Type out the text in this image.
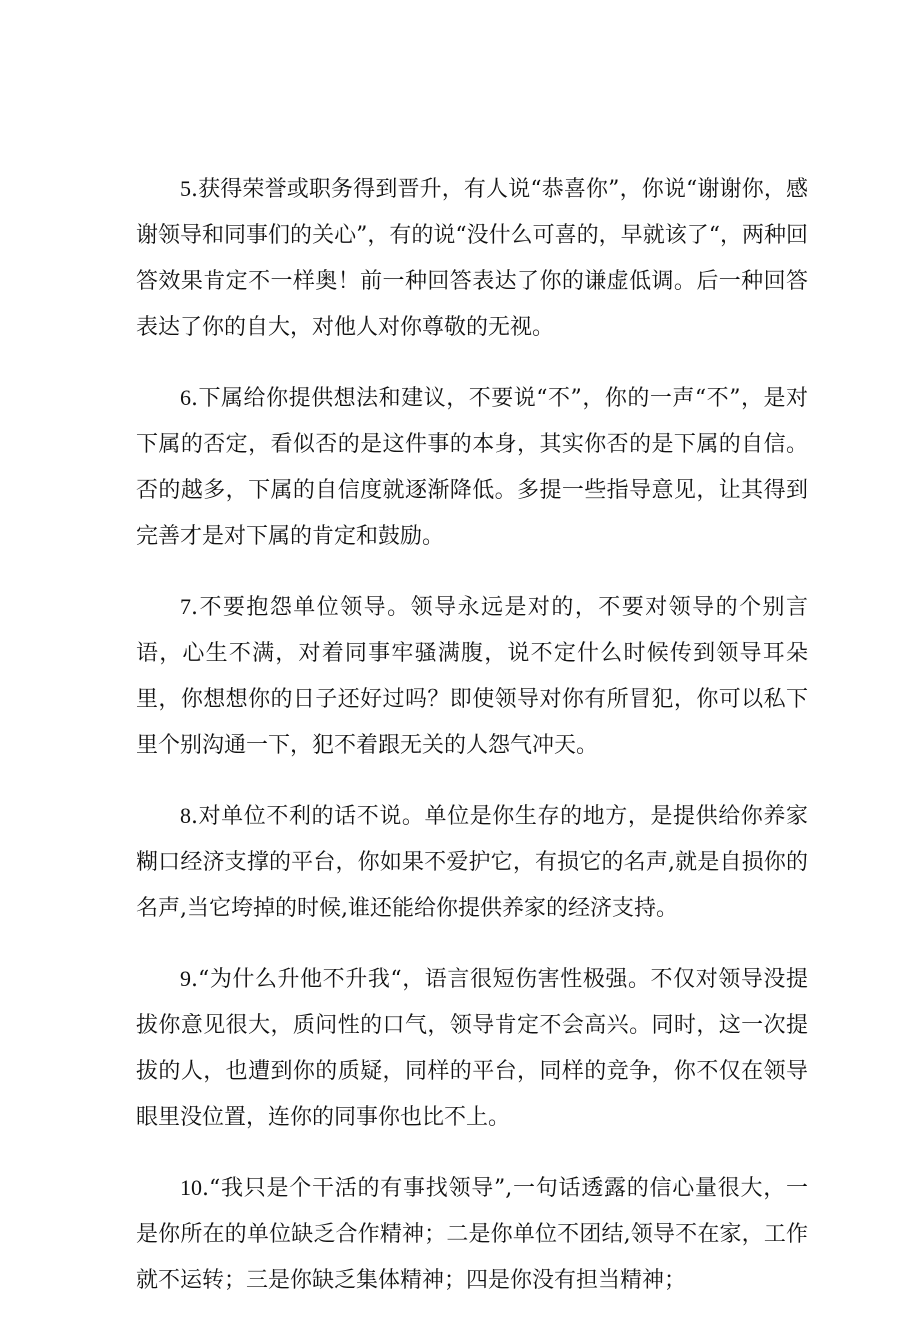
5.获得荣誉或职务得到晋升，有人说“恭喜你”，你说“谢谢你，感谢领导和同事们的关心”，有的说“没什么可喜的，早就该了“，两种回答效果肯定不一样奥！前一种回答表达了你的谦虚低调。后一种回答表达了你的自大，对他人对你尊敬的无视。

6.下属给你提供想法和建议，不要说“不”，你的一声“不”，是对下属的否定，看似否的是这件事的本身，其实你否的是下属的自信。否的越多，下属的自信度就逐渐降低。多提一些指导意见，让其得到完善才是对下属的肯定和鼓励。

7.不要抱怨单位领导。领导永远是对的，不要对领导的个别言语，心生不满，对着同事牢骚满腹，说不定什么时候传到领导耳朵里，你想想你的日子还好过吗？即使领导对你有所冒犯，你可以私下里个别沟通一下，犯不着跟无关的人怨气冲天。

8.对单位不利的话不说。单位是你生存的地方，是提供给你养家糊口经济支撑的平台，你如果不爱护它，有损它的名声,就是自损你的名声,当它垮掉的时候,谁还能给你提供养家的经济支持。

9.“为什么升他不升我“，语言很短伤害性极强。不仅对领导没提拔你意见很大，质问性的口气，领导肯定不会高兴。同时，这一次提拔的人，也遭到你的质疑，同样的平台，同样的竞争，你不仅在领导眼里没位置，连你的同事你也比不上。

10.“我只是个干活的有事找领导”,一句话透露的信心量很大，一是你所在的单位缺乏合作精神；二是你单位不团结,领导不在家，工作就不运转；三是你缺乏集体精神；四是你没有担当精神；
